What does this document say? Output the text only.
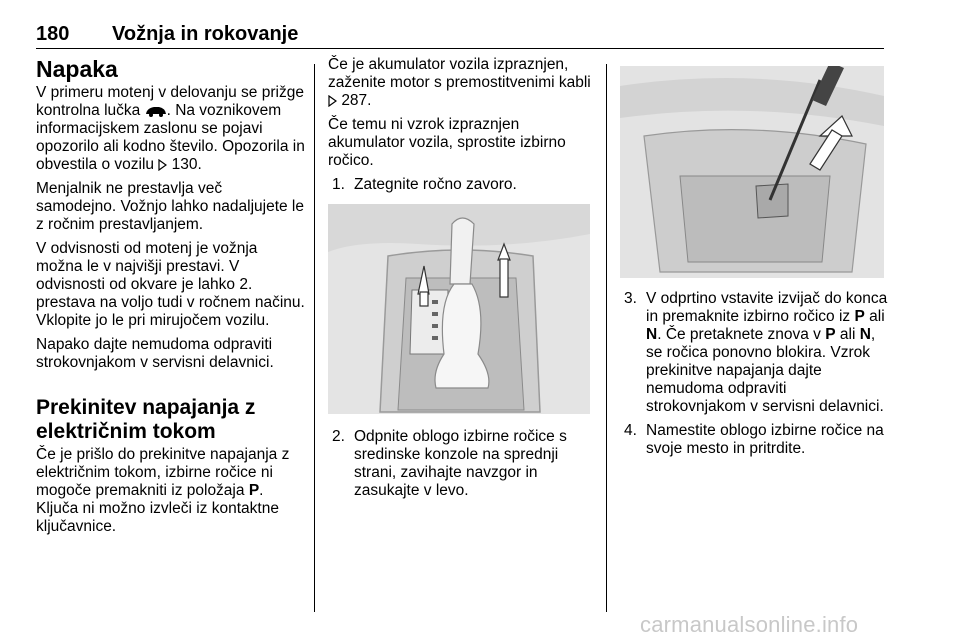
180 Vožnja in rokovanje
Napaka

V primeru motenj v delovanju se prižge kontrolna lučka . Na voznikovem informacijskem zaslonu se pojavi opozorilo ali kodno število. Opozorila in obvestila o vozilu 130.

Menjalnik ne prestavlja več samodejno. Vožnjo lahko nadaljujete le z ročnim prestavljanjem.

V odvisnosti od motenj je vožnja možna le v najvišji prestavi. V odvisnosti od okvare je lahko 2. prestava na voljo tudi v ročnem načinu. Vklopite jo le pri mirujočem vozilu.

Napako dajte nemudoma odpraviti strokovnjakom v servisni delavnici.

Prekinitev napajanja z električnim tokom

Če je prišlo do prekinitve napajanja z električnim tokom, izbirne ročice ni mogoče premakniti iz položaja P. Ključa ni možno izvleči iz kontaktne ključavnice.

Če je akumulator vozila izpraznjen, zaženite motor s premostitvenimi kabli  287.

Če temu ni vzrok izpraznjen akumulator vozila, sprostite izbirno ročico.

1. Zategnite ročno zavoro.
2. Odpnite oblogo izbirne ročice s sredinske konzole na sprednji strani, zavihajte navzgor in zasukajte v levo.
3. V odprtino vstavite izvijač do konca in premaknite izbirno ročico iz P ali N. Če pretaknete znova v P ali N, se ročica ponovno blokira. Vzrok prekinitve napajanja dajte nemudoma odpraviti strokovnjakom v servisni delavnici.
4. Namestite oblogo izbirne ročice na svoje mesto in pritrdite.
carmanualsonline.info
